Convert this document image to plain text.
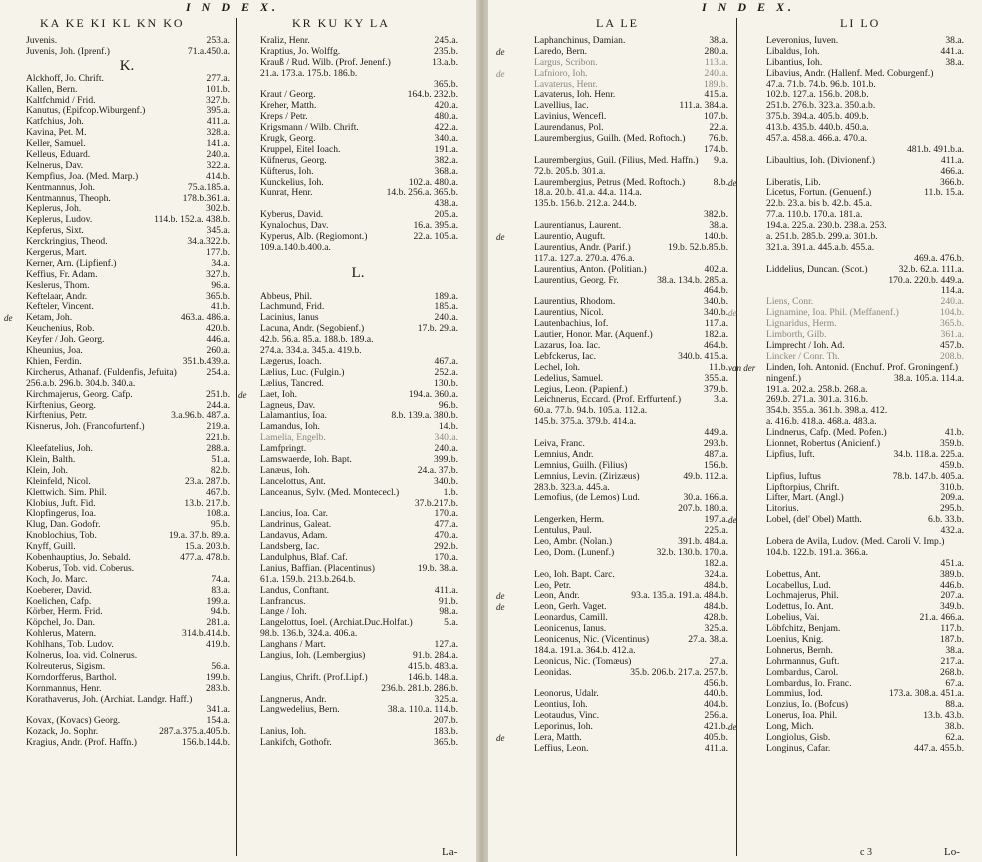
I N D E X.
KA KE KI KL KN KO	KR KU KY LA
Juvenis.	253.a.
Juvenis, Joh. (Iprenf.)	71.a.450.a.
K.
Alckhoff, Jo. Chrift.	277.a.
Kallen, Bern.	101.b.
Kaltfchmid / Frid.	327.b.
Kanutus, (Epifcop.Wiburgenf.)	395.a.
Katfchius, Joh.	411.a.
Kavina, Pet. M.	328.a.
Keller, Samuel.	141.a.
Kelleus, Eduard.	240.a.
Kelnerus, Dav.	322.a.
Kempfius, Joa. (Med. Marp.)	414.b.
Kentmannus, Joh.	75.a.185.a.
Kentmannus, Theoph.	178.b.361.a.
Keplerus, Joh.	302.b.
Keplerus, Ludov.	114.b. 152.a. 438.b.
Kepferus, Sixt.	345.a.
Kerckringius, Theod.	34.a.322.b.
Kergerus, Mart.	177.b.
Kerner, Arn. (Lipfienf.)	34.a.
Keffius, Fr. Adam.	327.b.
Keslerus, Thom.	96.a.
Keftelaar, Andr.	365.b.
Kefteler, Vincent.	41.b.
de Ketam, Joh.	463.a. 486.a.
Keuchenius, Rob.	420.b.
Keyfer / Joh. Georg.	446.a.
Kheunius, Joa.	260.a.
Khien, Ferdin.	351.b.439.a.
Kircherus, Athanaf. (Fuldenfis, Jefuita)	254.a.
256.a.b. 296.b. 304.b. 340.a.
Kirchmajerus, Georg. Cafp.	251.b.
Kirftenius, Georg.	244.a.
Kirftenius, Petr.	3.a.96.b. 487.a.
Kisnerus, Joh. (Francofurtenf.)	219.a.
221.b.
Kleefatelius, Joh.	288.a.
Klein, Balth.	51.a.
Klein, Joh.	82.b.
Kleinfeld, Nicol.	23.a. 287.b.
Klettwich. Sim. Phil.	467.b.
Klobius, Juft. Fid.	13.b. 217.b.
Klopfingerus, Ioa.	108.a.
Klug, Dan. Godofr.	95.b.
Knoblochius, Tob.	19.a. 37.b. 89.a.
Knyff, Guill.	15.a. 203.b.
Kobenhauptius, Jo. Sebald.	477.a. 478.b.
Koberus, Tob. vid. Coberus.
Koch, Jo. Marc.	74.a.
Koeberer, David.	83.a.
Koelichen, Cafp.	199.a.
Körber, Herm. Frid.	94.b.
Köpchel, Jo. Dan.	281.a.
Kohlerus, Matern.	314.b.414.b.
Kohlhans, Tob. Ludov.	419.b.
Kolnerus, Ioa. vid. Colnerus.
Kolreuterus, Sigism.	56.a.
Korndorfferus, Barthol.	199.b.
Kornmannus, Henr.	283.b.
Korathaverus, Joh. (Archiat. Landgr. Haff.)
341.a.
Kovax, (Kovacs) Georg.	154.a.
Kozack, Jo. Sophr.	287.a.375.a.405.b.
Kragius, Andr. (Prof. Haffn.)	156.b.144.b.
Kraliz, Henr.	245.a.
Kraptius, Jo. Wolffg.	235.b.
Krauß / Rud. Wilb. (Prof. Jenenf.)	13.a.b.
21.a. 173.a. 175.b. 186.b.
365.b.
Kraut / Georg.	164.b. 232.b.
Kreher, Matth.	420.a.
Kreps / Petr.	480.a.
Krigsmann / Wilb. Chrift.	422.a.
Krugk, Georg.	340.a.
Kruppel, Eitel Ioach.	191.a.
Küfnerus, Georg.	382.a.
Küfterus, Ioh.	368.a.
Kunckelius, Ioh.	102.a. 480.a.
Kunrat, Henr.	14.b. 256.a. 365.b.
438.a.
Kyberus, David.	205.a.
Kynalochus, Dav.	16.a. 395.a.
Kyperus, Alb. (Regiomont.)	22.a. 105.a.
109.a.140.b.400.a.
L.
Abbeus, Phil.	189.a.
Lachmund, Frid.	185.a.
Lacinius, Ianus	240.a.
Lacuna, Andr. (Segobienf.)	17.b. 29.a.
42.b. 56.a. 85.a. 188.b. 189.a.
274.a. 334.a. 345.a. 419.b.
Lægerus, Ioach.	467.a.
Lælius, Luc. (Fulgin.)	252.a.
Lælius, Tancred.	130.b.
de Laet, Ioh.	194.a. 360.a.
Lagneus, Dav.	96.b.
Lalamantius, Ioa.	8.b. 139.a. 380.b.
Lamandus, Ioh.	14.b.
Lamelia, Engelb.	340.a.
Lamfpringt.	240.a.
Lamswaerde, Ioh. Bapt.	399.b.
Lanæus, Ioh.	24.a. 37.b.
Lancelottus, Ant.	340.b.
Lanceanus, Sylv. (Med. Montececl.)	1.b.
37.b.217.b.
Lancius, Ioa. Car.	170.a.
Landrinus, Galeat.	477.a.
Landavus, Adam.	470.a.
Landsberg, Iac.	292.b.
Landulphus, Blaf. Caf.	170.a.
Lanius, Baffian. (Placentinus)	19.b. 38.a.
61.a. 159.b. 213.b.264.b.
Landus, Conftant.	411.a.
Lanfrancus.	91.b.
Lange / Ioh.	98.a.
Langelottus, Ioel. (Archiat.Duc.Holfat.)	5.a.
98.b. 136.b, 324.a. 406.a.
Langhans / Mart.	127.a.
Langius, Ioh. (Lembergius)	91.b. 284.a.
415.b. 483.a.
Langius, Chrift. (Prof.Lipf.)	146.b. 148.a.
236.b. 281.b. 286.b.
Langnerus, Andr.	325.a.
Langwedelius, Bern.	38.a. 110.a. 114.b.
207.b.
Lanius, Ioh.	183.b.
Lankifch, Gothofr.	365.b.
La-
I N D E X.
LA LE	LI LO
Laphanchinus, Damian.	38.a.
de	Laredo, Bern.	280.a.
Largus, Scribon.	113.a.
de	Lafnioro, Ioh.	240.a.
Lavaterus, Henr.	189.b.
Lavaterus, Ioh. Henr.	415.a.
Lavellius, Iac.	111.a. 384.a.
Lavinius, Wencefl.	107.b.
Laurendanus, Pol.	22.a.
Laurembergius, Guilh. (Med. Roftoch.) 76.b.
174.b.
Laurembergius, Guil. (Filius, Med. Haffn.) 9.a.
72.b. 205.b. 301.a.
Laurembergius, Petrus (Med. Roftoch.)	8.b.
18.a. 20.b. 41.a. 44.a. 114.a.
135.b. 156.b. 212.a. 244.b.
382.b.
Laurentianus, Laurent.	38.a.
de	Laurentio, Auguft.	140.b.
Laurentius, Andr. (Parif.)	19.b. 52.b.85.b.
117.a. 127.a. 270.a. 476.a.
Laurentius, Anton. (Politian.)	402.a.
Laurentius, Georg. Fr.	38.a. 134.b. 285.a.
464.b.
Laurentius, Rhodom.	340.b.
Laurentius, Nicol.	340.b.
Lautenbachius, Iof.	117.a.
Lautier, Honor. Mar. (Aquenf.)	182.a.
Lazarus, Ioa. Iac.	464.b.
Lebfckerus, Iac.	340.b. 415.a.
Lechel, Ioh.	11.b.
Ledelius, Samuel.	355.a.
Legius, Leon. (Papienf.)	379.b.
Leichnerus, Eccard. (Prof. Erffurtenf.)	3.a.
60.a. 77.b. 94.b. 105.a. 112.a.
145.b. 375.a. 379.b. 414.a.
449.a.
Leiva, Franc.	293.b.
Lemnius, Andr.	487.a.
Lemnius, Guilh. (Filius)	156.b.
Lemnius, Levin. (Zirizæus)	49.b. 112.a.
283.b. 323.a. 445.a.
Lemofius, (de Lemos) Lud.	30.a. 166.a.
207.b. 180.a.
Lengerken, Herm.	197.a.
Lentulus, Paul.	225.a.
Leo, Ambr. (Nolan.)	391.b. 484.a.
Leo, Dom. (Lunenf.)	32.b. 130.b. 170.a.
182.a.
Leo, Ioh. Bapt. Carc.	324.a.
Leo, Petr.	484.b.
de	Leon, Andr.	93.a. 135.a. 191.a. 484.b.
de	Leon, Gerh. Vaget.	484.b.
Leonardus, Camill.	428.b.
Leonicenus, Ianus.	325.a.
Leonicenus, Nic. (Vicentinus)	27.a. 38.a.
184.a. 191.a. 364.b. 412.a.
Leonicus, Nic. (Tomæus)	27.a.
Leonidas.	35.b. 206.b. 217.a. 257.b.
456.b.
Leonorus, Udalr.	440.b.
Leontius, Ioh.	404.b.
Leotaudus, Vinc.	256.a.
Leporinus, Ioh.	421.b.
de	Lera, Matth.	405.b.
Leffius, Leon.	411.a.
Leveronius, Iuven.	38.a.
Libaldus, Ioh.	441.a.
Libantius, Ioh.	38.a.
Libavius, Andr. (Hallenf. Med. Coburgenf.)
47.a. 71.b. 74.b. 96.b. 101.b.
102.b. 127.a. 156.b. 208.b.
251.b. 276.b. 323.a. 350.a.b.
375.b. 394.a. 405.b. 409.b.
413.b. 435.b. 440.b. 450.a.
457.a. 458.a. 466.a. 470.a.
481.b. 491.b.a.
Libaultius, Ioh. (Divionenf.)	411.a.
466.a.
de	Liberatis, Lib.	366.b.
Licetus, Fortun. (Genuenf.)	11.b. 15.a.
22.b. 23.a. bis b. 42.b. 45.a.
77.a. 110.b. 170.a. 181.a.
194.a. 225.a. 230.b. 238.a. 253.
a. 251.b. 285.b. 299.a. 301.b.
321.a. 391.a. 445.a.b. 455.a.
469.a. 476.b.
Liddelius, Duncan. (Scot.)	32.b. 62.a. 111.a.
170.a. 220.b. 449.a.
114.a.
Liens, Conr.	240.a.
de	Lignamine, Ioa. Phil. (Meffanenf.)	104.b.
Lignaridus, Herm.	365.b.
Limborth, Gilb.	361.a.
Limprecht / Ioh. Ad.	457.b.
Lincker / Conr. Th.	208.b.
van der Linden, Ioh. Antonid. (Enchuf. Prof. Groningenf.)
ningenf.)	38.a. 105.a. 114.a.
191.a. 202.a. 258.b. 268.a.
269.b. 271.a. 301.a. 316.b.
354.b. 355.a. 361.b. 398.a. 412.
a. 416.b. 418.a. 468.a. 483.a.
Lindnerus, Cafp. (Med. Pofen.)	41.b.
Lionnet, Robertus (Anicienf.)	359.b.
Lipfius, Iuft.	34.b. 118.a. 225.a.
459.b.
Lipfius, Iuftus	78.b. 147.b. 405.a.
Lipftorpius, Chrift.	310.b.
Lifter, Mart. (Angl.)	209.a.
Litorius.	295.b.
de	Lobel, (del' Obel) Matth.	6.b. 33.b.
432.a.
Lobera de Avila, Ludov. (Med. Caroli V. Imp.)
104.b. 122.b. 191.a. 366.a.
451.a.
Lobettus, Ant.	389.b.
Locabellus, Lud.	446.b.
Lochmajerus, Phil.	207.a.
Lodettus, Io. Ant.	349.b.
Lobelius, Vai.	21.a. 466.a.
Löbfchitz, Benjam.	117.b.
Loenius, Knig.	187.b.
Lohnerus, Bernh.	38.a.
Lohrmannus, Guft.	217.a.
Lombardus, Carol.	268.b.
Lombardus, Io. Franc.	67.a.
Lommius, Iod.	173.a. 308.a. 451.a.
Lonzius, Io. (Bofcus)	88.a.
Lonerus, Ioa. Phil.	13.b. 43.b.
de	Long, Mich.	38.b.
Longiolus, Gisb.	62.a.
Longinus, Cafar.	447.a. 455.b.
c 3	Lo-
